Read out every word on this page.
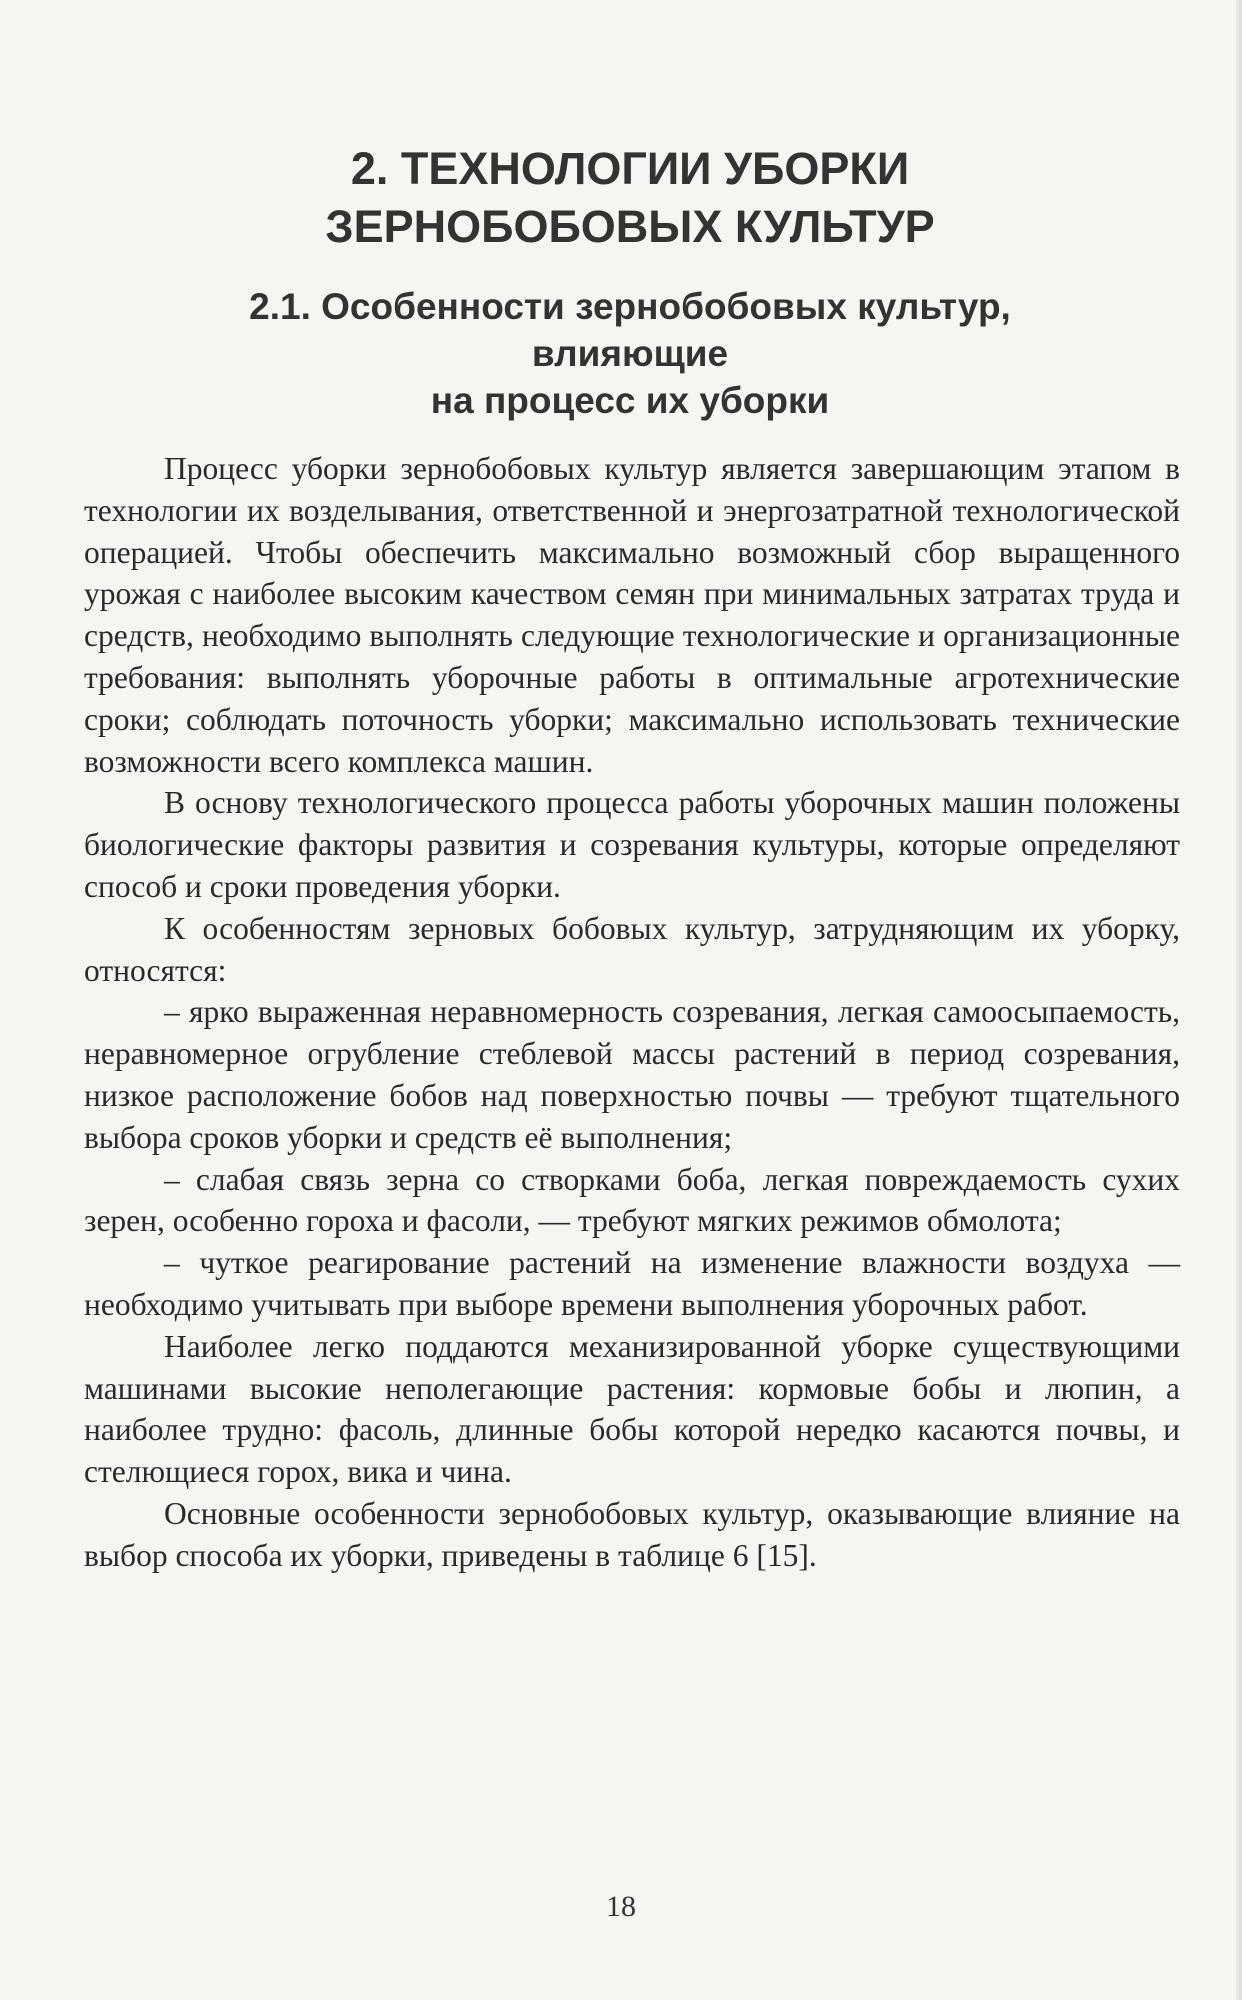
2. ТЕХНОЛОГИИ УБОРКИ
ЗЕРНОБОБОВЫХ КУЛЬТУР
2.1. Особенности зернобобовых культур,
влияющие
на процесс их уборки

Процесс уборки зернобобовых культур является завершающим этапом в технологии их возделывания, ответственной и энергозатратной технологической операцией. Чтобы обеспечить максимально возможный сбор выращенного урожая с наиболее высоким качеством семян при минимальных затратах труда и средств, необходимо выполнять следующие технологические и организационные требования: выполнять уборочные работы в оптимальные агротехнические сроки; соблюдать поточность уборки; максимально использовать технические возможности всего комплекса машин.

В основу технологического процесса работы уборочных машин положены биологические факторы развития и созревания культуры, которые определяют способ и сроки проведения уборки.

К особенностям зерновых бобовых культур, затрудняющим их уборку, относятся:

– ярко выраженная неравномерность созревания, легкая самоосыпаемость, неравномерное огрубление стеблевой массы растений в период созревания, низкое расположение бобов над поверхностью почвы — требуют тщательного выбора сроков уборки и средств её выполнения;

– слабая связь зерна со створками боба, легкая повреждаемость сухих зерен, особенно гороха и фасоли, — требуют мягких режимов обмолота;

– чуткое реагирование растений на изменение влажности воздуха — необходимо учитывать при выборе времени выполнения уборочных работ.

Наиболее легко поддаются механизированной уборке существующими машинами высокие неполегающие растения: кормовые бобы и люпин, а наиболее трудно: фасоль, длинные бобы которой нередко касаются почвы, и стелющиеся горох, вика и чина.

Основные особенности зернобобовых культур, оказывающие влияние на выбор способа их уборки, приведены в таблице 6 [15].

18
